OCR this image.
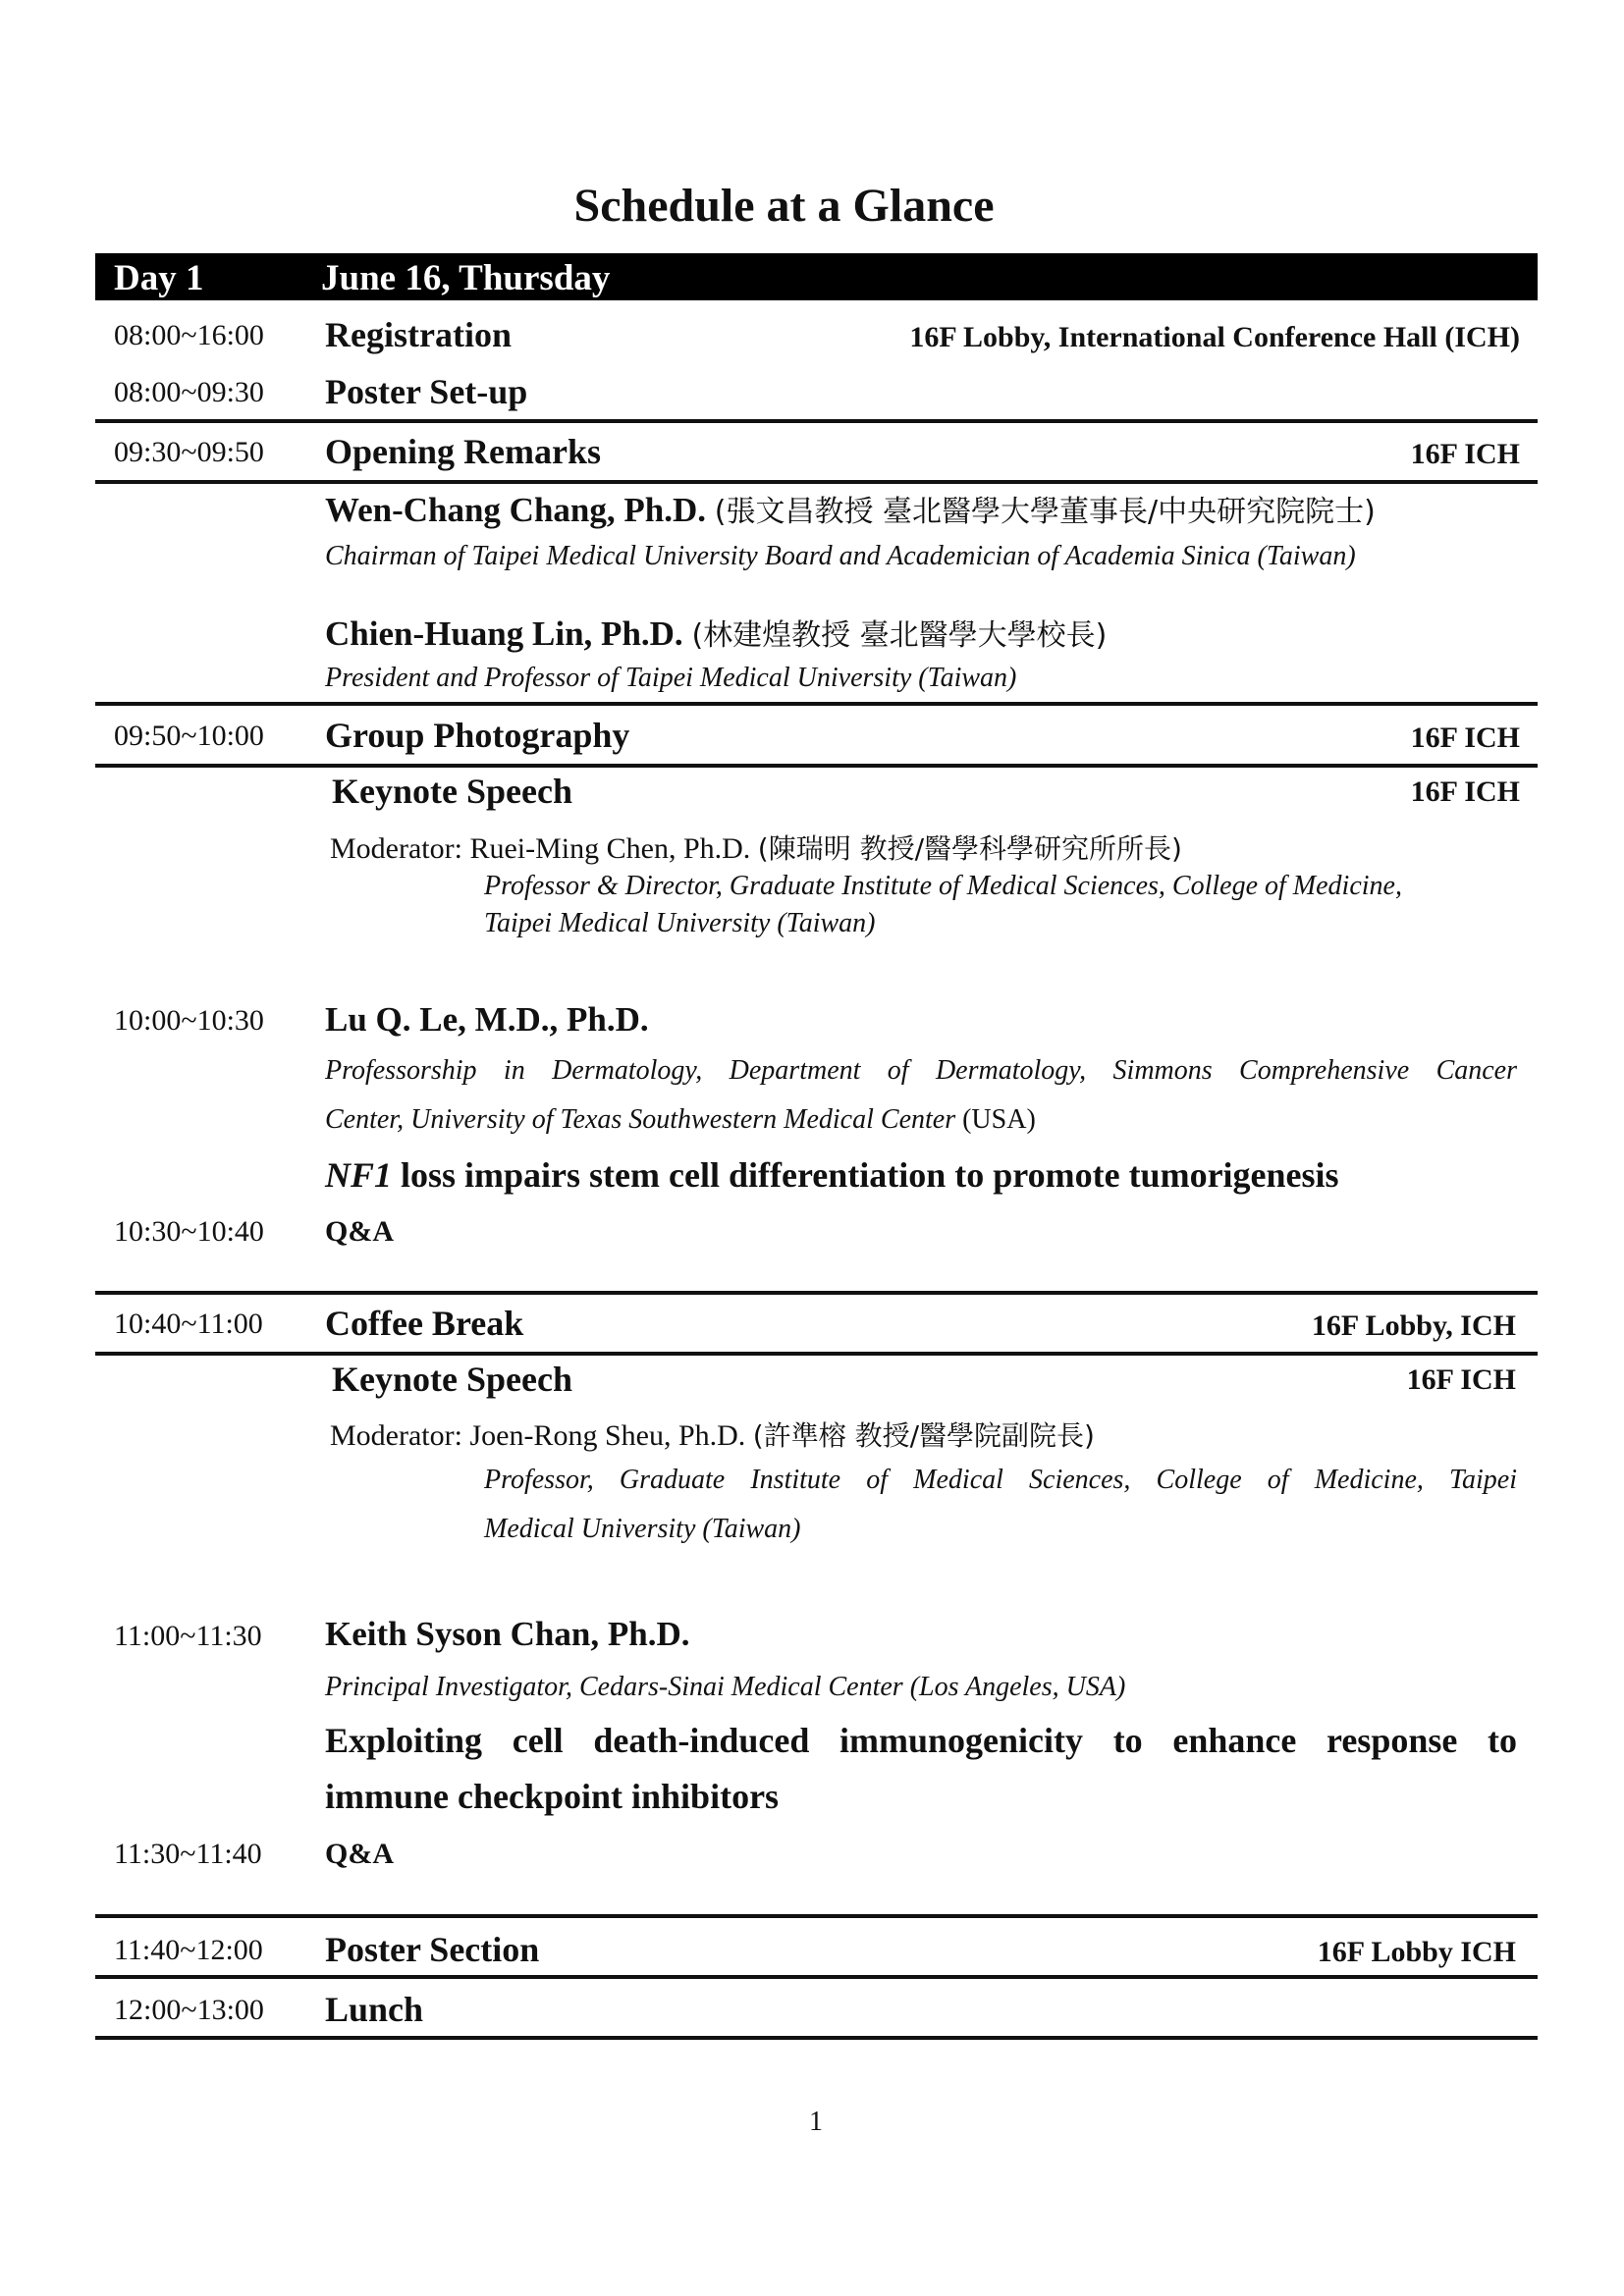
Schedule at a Glance
Day 1	June 16, Thursday
08:00~16:00 Registration	16F Lobby, International Conference Hall (ICH)
08:00~09:30 Poster Set-up
09:30~09:50 Opening Remarks	16F ICH
Wen-Chang Chang, Ph.D. (張文昌教授 臺北醫學大學董事長/中央研究院院士)
Chairman of Taipei Medical University Board and Academician of Academia Sinica (Taiwan)
Chien-Huang Lin, Ph.D. (林建煌教授 臺北醫學大學校長)
President and Professor of Taipei Medical University (Taiwan)
09:50~10:00 Group Photography	16F ICH
Keynote Speech	16F ICH
Moderator: Ruei-Ming Chen, Ph.D. (陳瑞明 教授/醫學科學研究所所長)
Professor & Director, Graduate Institute of Medical Sciences, College of Medicine,
Taipei Medical University (Taiwan)
10:00~10:30 Lu Q. Le, M.D., Ph.D.
Professorship in Dermatology, Department of Dermatology, Simmons Comprehensive Cancer
Center, University of Texas Southwestern Medical Center (USA)
NF1 loss impairs stem cell differentiation to promote tumorigenesis
10:30~10:40 Q&A
10:40~11:00 Coffee Break	16F Lobby, ICH
Keynote Speech	16F ICH
Moderator: Joen-Rong Sheu, Ph.D. (許準榕 教授/醫學院副院長)
Professor, Graduate Institute of Medical Sciences, College of Medicine, Taipei
Medical University (Taiwan)
11:00~11:30 Keith Syson Chan, Ph.D.
Principal Investigator, Cedars-Sinai Medical Center (Los Angeles, USA)
Exploiting cell death-induced immunogenicity to enhance response to
immune checkpoint inhibitors
11:30~11:40 Q&A
11:40~12:00 Poster Section	16F Lobby ICH
12:00~13:00 Lunch
1
